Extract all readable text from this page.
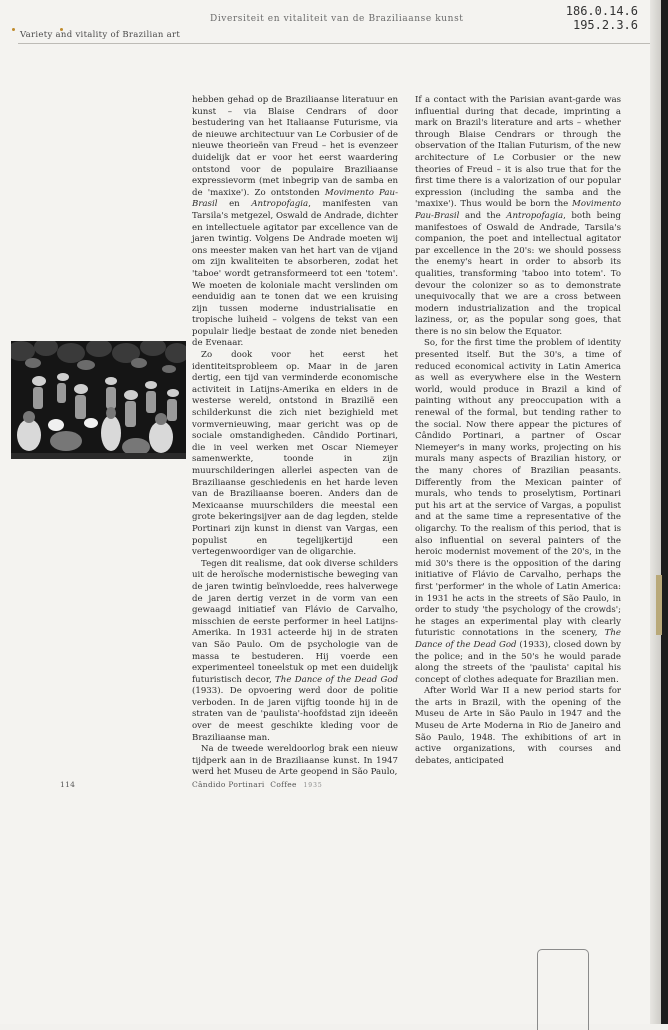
186.0.14.6
195.2.3.6
Diversiteit en vitaliteit van de Braziliaanse kunst
Variety and vitality of Brazilian art

hebben gehad op de Braziliaanse literatuur en kunst – via Blaise Cendrars of door bestudering van het Italiaanse Futurisme, via de nieuwe architectuur van Le Corbusier of de nieuwe theorieën van Freud – het is evenzeer duidelijk dat er voor het eerst waardering ontstond voor de populaire Braziliaanse expressievorm (met inbegrip van de samba en de 'maxixe'). Zo ontstonden Movimento Pau-Brasil en Antropofagia, manifesten van Tarsila's metgezel, Oswald de Andrade, dichter en intellectuele agitator par excellence van de jaren twintig. Volgens De Andrade moeten wij ons meester maken van het hart van de vijand om zijn kwaliteiten te absorberen, zodat het 'taboe' wordt getransformeerd tot een 'totem'. We moeten de koloniale macht verslinden om eenduidig aan te tonen dat we een kruising zijn tussen moderne industrialisatie en tropische luiheid – volgens de tekst van een populair liedje bestaat de zonde niet beneden de Evenaar.

Zo dook voor het eerst het identiteitsprobleem op. Maar in de jaren dertig, een tijd van verminderde economische activiteit in Latijns-Amerika en elders in de westerse wereld, ontstond in Brazilië een schilderkunst die zich niet bezighield met vormvernieuwing, maar gericht was op de sociale omstandigheden. Cândido Portinari, die in veel werken met Oscar Niemeyer samenwerkte, toonde in zijn muurschilderingen allerlei aspecten van de Braziliaanse geschiedenis en het harde leven van de Braziliaanse boeren. Anders dan de Mexicaanse muurschilders die meestal een grote bekeringsijver aan de dag legden, stelde Portinari zijn kunst in dienst van Vargas, een populist en tegelijkertijd een vertegenwoordiger van de oligarchie.

Tegen dit realisme, dat ook diverse schilders uit de heroïsche modernistische beweging van de jaren twintig beïnvloedde, rees halverwege de jaren dertig verzet in de vorm van een gewaagd initiatief van Flávio de Carvalho, misschien de eerste performer in heel Latijns-Amerika. In 1931 acteerde hij in de straten van São Paulo. Om de psychologie van de massa te bestuderen. Hij voerde een experimenteel toneelstuk op met een duidelijk futuristisch decor, The Dance of the Dead God (1933). De opvoering werd door de politie verboden. In de jaren vijftig toonde hij in de straten van de 'paulista'-hoofdstad zijn ideeën over de meest geschikte kleding voor de Braziliaanse man.

Na de tweede wereldoorlog brak een nieuw tijdperk aan in de Braziliaanse kunst. In 1947 werd het Museu de Arte geopend in São Paulo,

If a contact with the Parisian avant-garde was influential during that decade, imprinting a mark on Brazil's literature and arts – whether through Blaise Cendrars or through the observation of the Italian Futurism, of the new architecture of Le Corbusier or the new theories of Freud – it is also true that for the first time there is a valorization of our popular expression (including the samba and the 'maxixe'). Thus would be born the Movimento Pau-Brasil and the Antropofagia, both being manifestoes of Oswald de Andrade, Tarsila's companion, the poet and intellectual agitator par excellence in the 20's: we should possess the enemy's heart in order to absorb its qualities, transforming 'taboo into totem'. To devour the colonizer so as to demonstrate unequivocally that we are a cross between modern industrialization and the tropical laziness, or, as the popular song goes, that there is no sin below the Equator.

So, for the first time the problem of identity presented itself. But the 30's, a time of reduced economical activity in Latin America as well as everywhere else in the Western world, would produce in Brazil a kind of painting without any preoccupation with a renewal of the formal, but tending rather to the social. Now there appear the pictures of Cândido Portinari, a partner of Oscar Niemeyer's in many works, projecting on his murals many aspects of Brazilian history, or the many chores of Brazilian peasants. Differently from the Mexican painter of murals, who tends to proselytism, Portinari put his art at the service of Vargas, a populist and at the same time a representative of the oligarchy. To the realism of this period, that is also influential on several painters of the heroic modernist movement of the 20's, in the mid 30's there is the opposition of the daring initiative of Flávio de Carvalho, perhaps the first 'performer' in the whole of Latin America: in 1931 he acts in the streets of São Paulo, in order to study 'the psychology of the crowds'; he stages an experimental play with clearly futuristic connotations in the scenery, The Dance of the Dead God (1933), closed down by the police; and in the 50's he would parade along the streets of the 'paulista' capital his concept of clothes adequate for Brazilian men.

After World War II a new period starts for the arts in Brazil, with the opening of the Museu de Arte in São Paulo in 1947 and the Museu de Arte Moderna in Rio de Janeiro and São Paulo, 1948. The exhibitions of art in active organizations, with courses and debates, anticipated

114	Cândido Portinari Coffee 1935
